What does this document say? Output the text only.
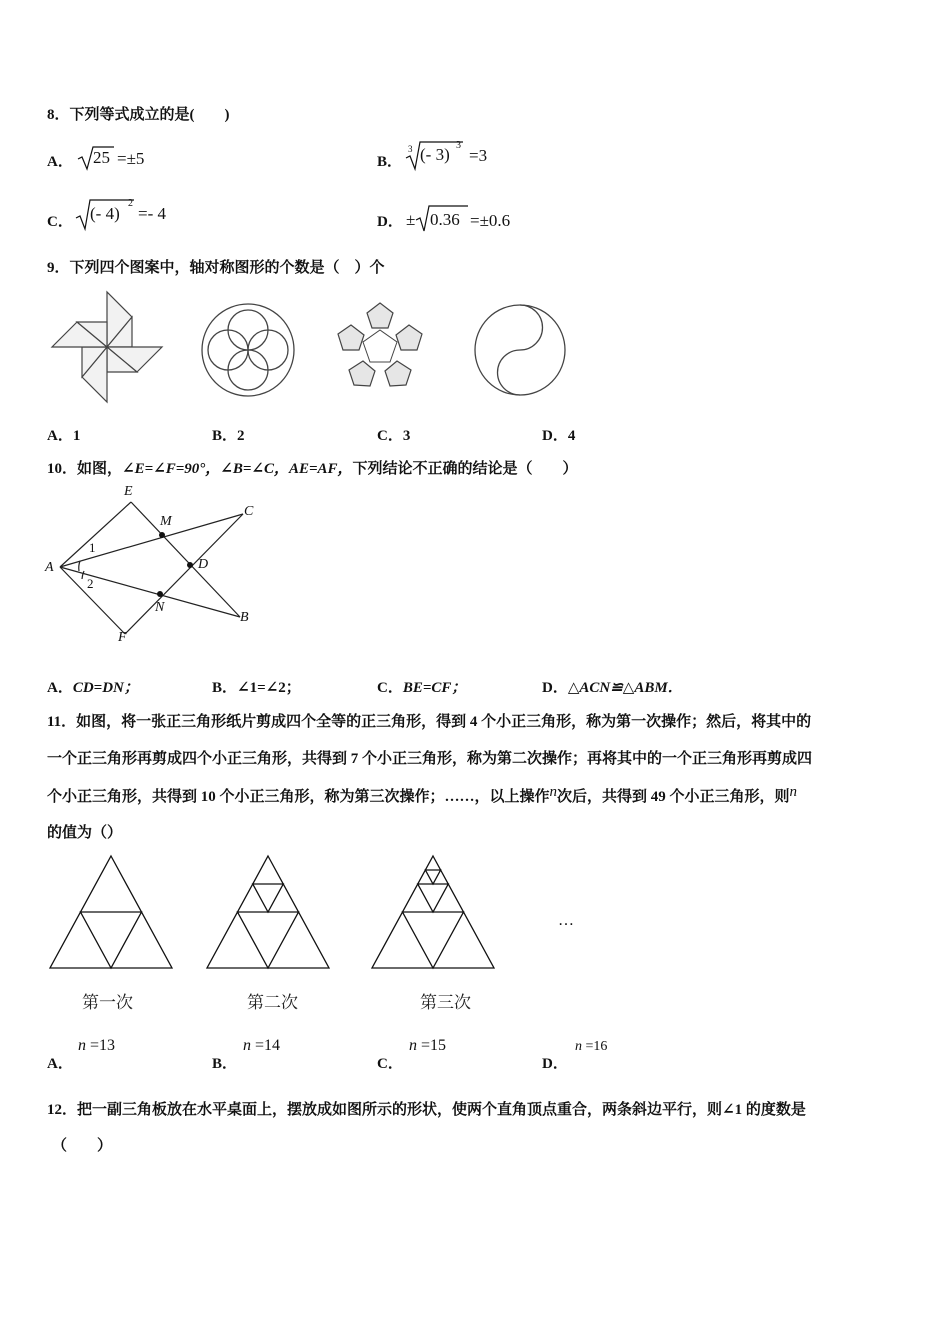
8．下列等式成立的是(　　)
A． 25 =±5	B．
3 (- 3) 3
=3
C． (- 4)
2
=- 4	D． ± 0.36 =±0.6
9．下列四个图案中，轴对称图形的个数是（　）个
A．1	B．2	C．3	D．4
10．如图，∠E=∠F=90°，∠B=∠C，AE=AF，下列结论不正确的结论是（　　）
E
C
M
A
1
D
2
N
B
F
A．CD=DN；	B．∠1=∠2；	C．BE=CF；	D．△ACN≌△ABM．
11．如图，将一张正三角形纸片剪成四个全等的正三角形，得到 4 个小正三角形，称为第一次操作；然后，将其中的
一个正三角形再剪成四个小正三角形，共得到 7 个小正三角形，称为第二次操作；再将其中的一个正三角形再剪成四
个小正三角形，共得到 10 个小正三角形，称为第三次操作；……，以上操作n次后，共得到 49 个小正三角形，则n
的值为（）
第一次	第二次	第三次
…
A．
n =13
B．
n =14
C．
n =15
D．
n =16
12．把一副三角板放在水平桌面上，摆放成如图所示的形状，使两个直角顶点重合，两条斜边平行，则∠1 的度数是
（　　）
